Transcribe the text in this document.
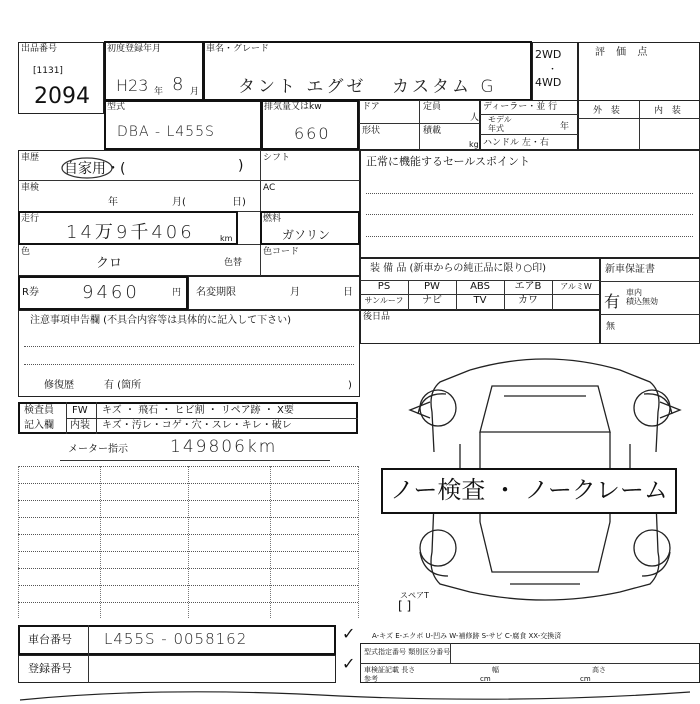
出品番号
[1131]
2094
初度登録年月
H23 年 8 月
車名・グレード
タント エグゼ カスタム G
2WD
・
4WD
評 価 点
型式
DBA - L455S
排気量又はkw
660
ドア	定員
人
形状	積載
kg
ディーラー・並 行
モデル
年式	年
ハンドル 左・右
外 装	内 装
車歴
自家用・(	) シフト
車検
年	月(	日)
AC
走行
14万9千406	km
燃料
ガソリン
色
クロ	色替
色コード
R券 9460	円 名変期限	月	日
正常に機能するセールスポイント
装 備 品 (新車からの純正品に限り○印)
PS	PW	ABS	エアB	アルミW
サンルーフ	ナビ	TV	カワ
後日品
新車保証書
有 車内
積込無効
無
注意事項申告欄 (不具合内容等は具体的に記入して下さい)
修復歴	有 (箇所	)
検査員
記入欄
FW キズ ・ 飛石 ・ ヒビ割 ・ リペア跡 ・ X要
内装 キズ・汚レ・コゲ・穴・スレ・キレ・破レ
メーター指示 149806km
ノー検査 ・ ノークレーム
スペアT
[ ]
車台番号 L455S - 0058162
登録番号
✓
✓
A-キズ E-エクボ U-凹み W-補修跡 S-サビ C-腐食 XX-交換済
型式指定番号 類別区分番号
車検証記載 長さ	幅	高さ
cm	cm
参考
